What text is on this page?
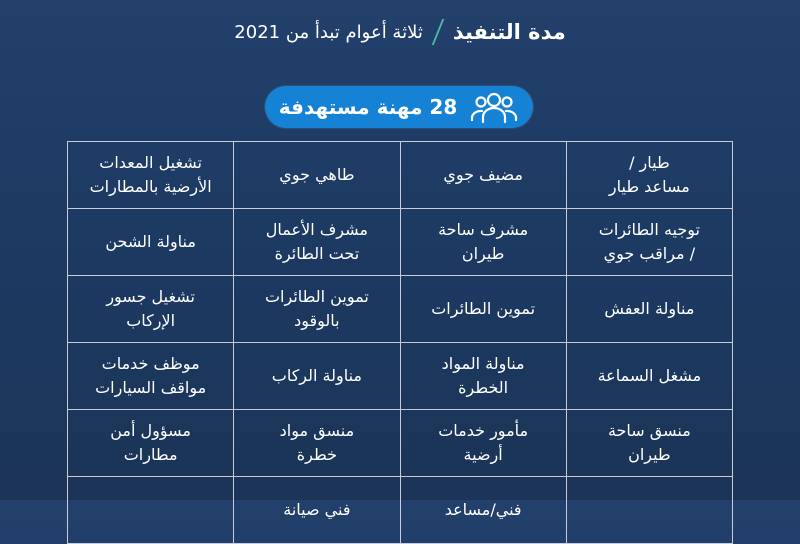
مدة التنفيذ
ثلاثة أعوام تبدأ من 2021
28 مهنة مستهدفة
طيار /
مساعد طيار
مضيف جوي
طاهي جوي
تشغيل المعدات
الأرضية بالمطارات
توجيه الطائرات
/ مراقب جوي
مشرف ساحة
طيران
مشرف الأعمال
تحت الطائرة
مناولة الشحن
مناولة العفش
تموين الطائرات
تموين الطائرات
بالوقود
تشغيل جسور
الإركاب
مشغل السماعة
مناولة المواد
الخطرة
مناولة الركاب
موظف خدمات
مواقف السيارات
منسق ساحة
طيران
مأمور خدمات
أرضية
منسق مواد
خطرة
مسؤول أمن
مطارات
فني/مساعد
فني صيانة
